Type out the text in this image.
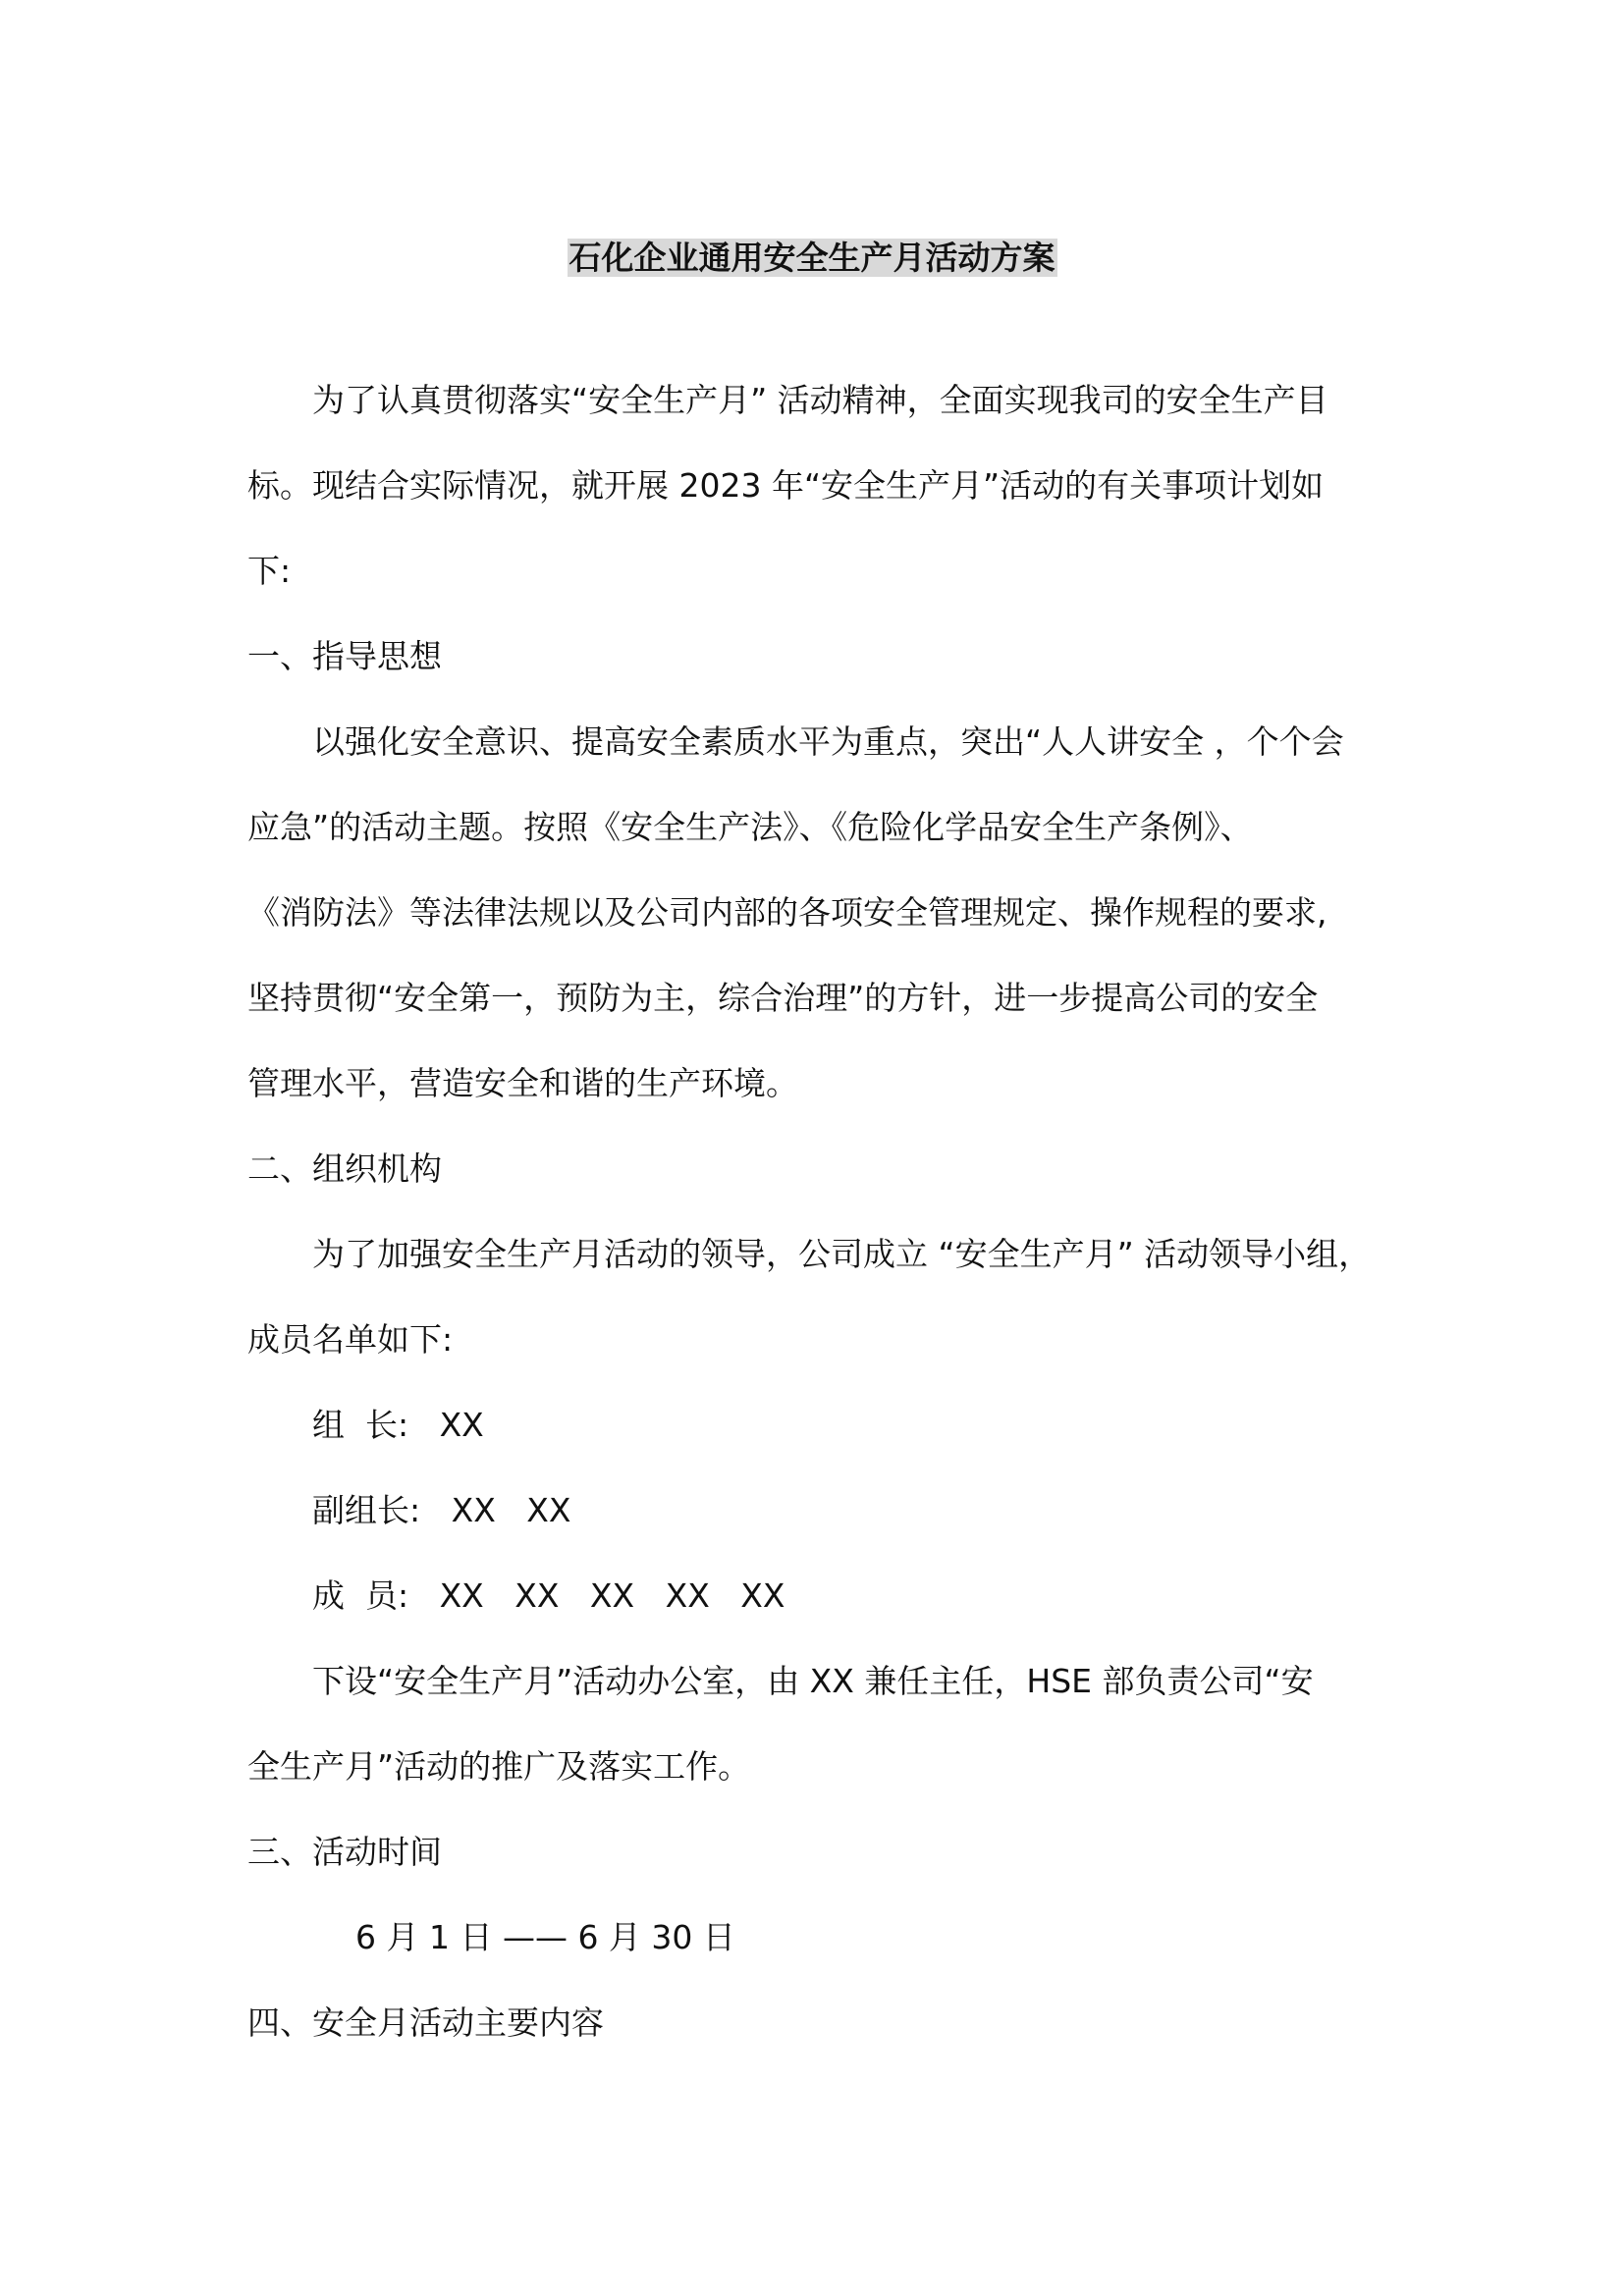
石化企业通用安全生产月活动方案

为了认真贯彻落实“安全生产月” 活动精神，全面实现我司的安全生产目

标。现结合实际情况，就开展 2023 年“安全生产月”活动的有关事项计划如

下:

一、指导思想

以强化安全意识、提高安全素质水平为重点，突出“人人讲安全 ，个个会

应急”的活动主题。按照《安全生产法》、《危险化学品安全生产条例》、

《消防法》等法律法规以及公司内部的各项安全管理规定、操作规程的要求,

坚持贯彻“安全第一，预防为主，综合治理”的方针，进一步提高公司的安全

管理水平，营造安全和谐的生产环境。

二、组织机构

为了加强安全生产月活动的领导，公司成立 “安全生产月” 活动领导小组，

成员名单如下:

组  长:   XX

副组长:   XX   XX

成  员:   XX   XX   XX   XX   XX

下设“安全生产月”活动办公室，由 XX 兼任主任，HSE 部负责公司“安

全生产月”活动的推广及落实工作。

三、活动时间

6 月 1 日 —— 6 月 30 日

四、安全月活动主要内容
